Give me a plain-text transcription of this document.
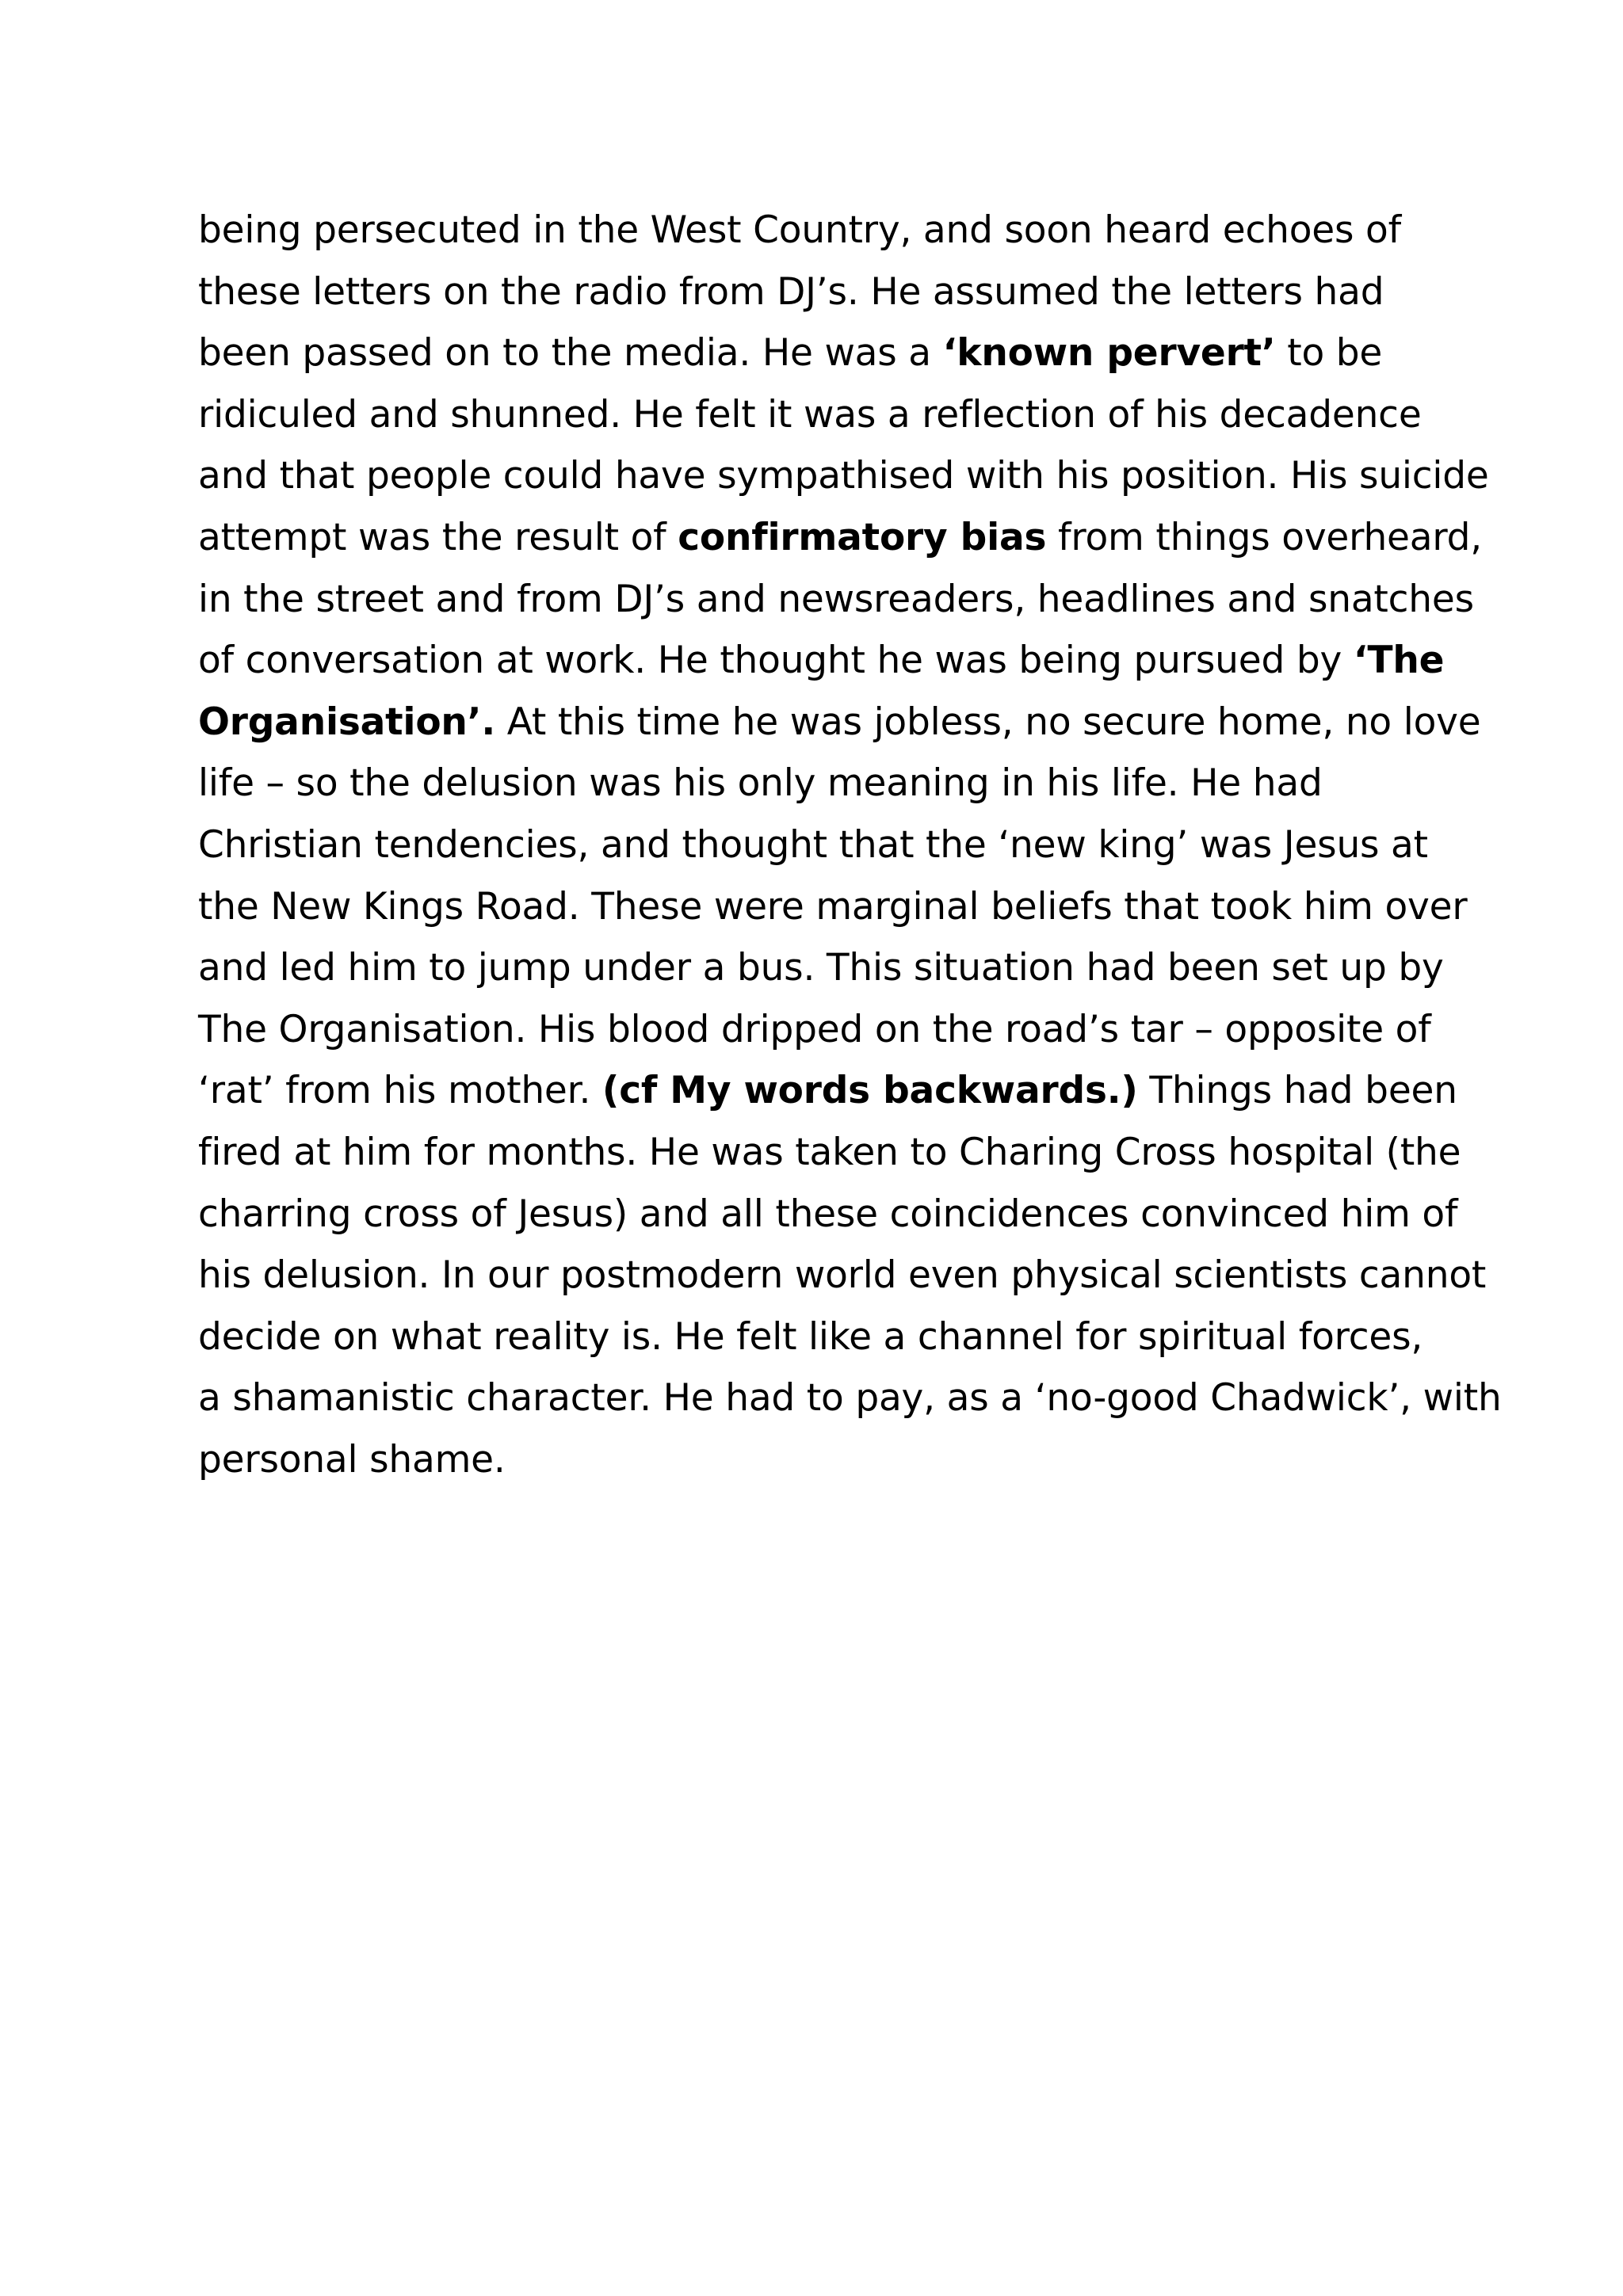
being persecuted in the West Country, and soon heard echoes of
these letters on the radio from DJ’s. He assumed the letters had
been passed on to the media. He was a ‘known pervert’ to be
ridiculed and shunned. He felt it was a reflection of his decadence
and that people could have sympathised with his position. His suicide
attempt was the result of confirmatory bias from things overheard,
in the street and from DJ’s and newsreaders, headlines and snatches
of conversation at work. He thought he was being pursued by ‘The
Organisation’. At this time he was jobless, no secure home, no love
life – so the delusion was his only meaning in his life. He had
Christian tendencies, and thought that the ‘new king’ was Jesus at
the New Kings Road. These were marginal beliefs that took him over
and led him to jump under a bus. This situation had been set up by
The Organisation. His blood dripped on the road’s tar – opposite of
‘rat’ from his mother. (cf My words backwards.) Things had been
fired at him for months. He was taken to Charing Cross hospital (the
charring cross of Jesus) and all these coincidences convinced him of
his delusion. In our postmodern world even physical scientists cannot
decide on what reality is. He felt like a channel for spiritual forces,
a shamanistic character. He had to pay, as a ‘no-good Chadwick’, with
personal shame.
